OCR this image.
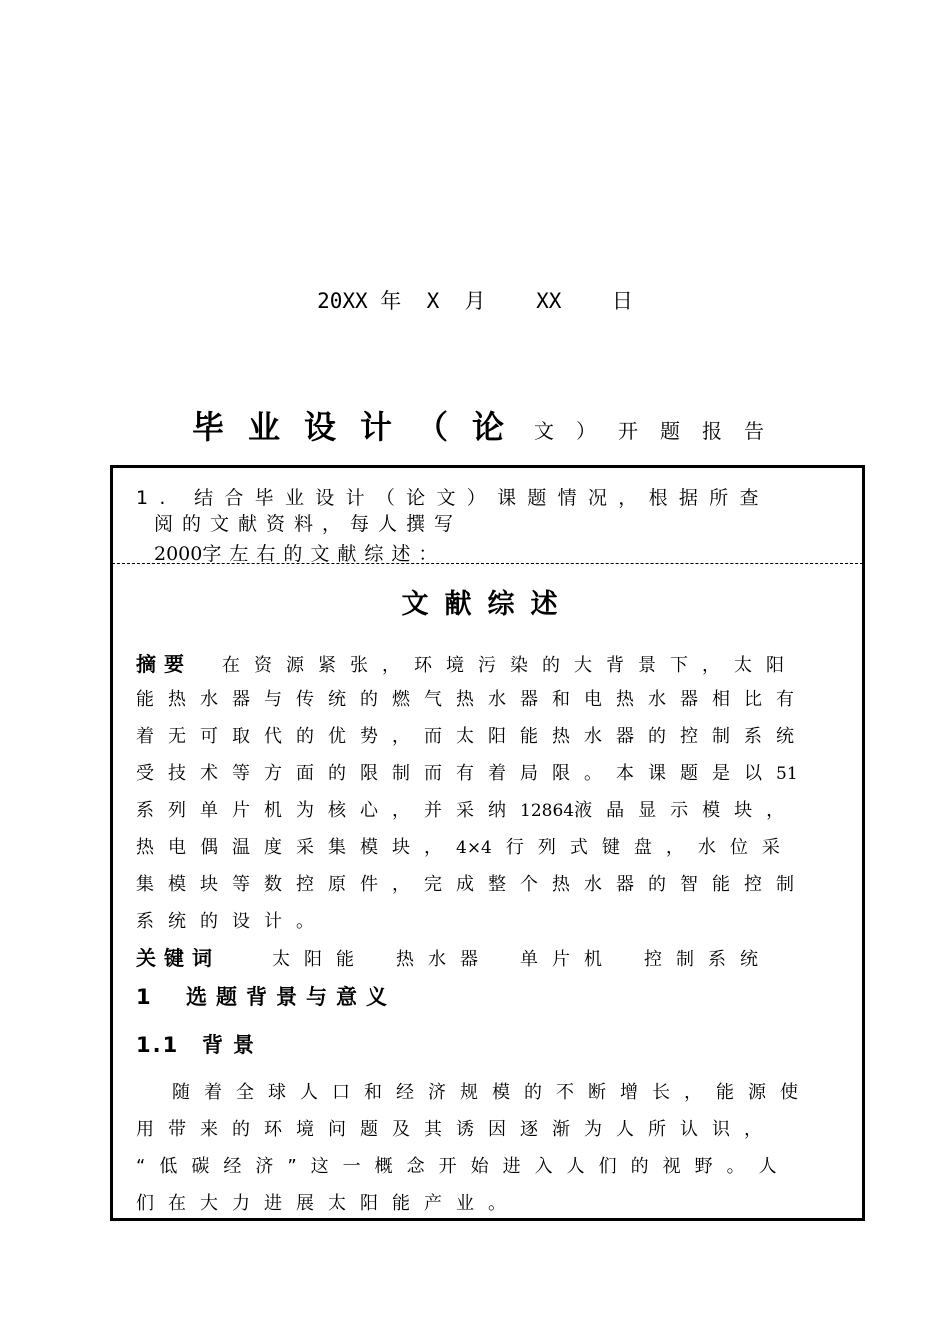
20XX 年  X  月    XX    日
毕业设计（论 文）开题报告
1. 结合毕业设计（论文）课题情况，根据所查
阅的文献资料，每人撰写
2000字左右的文献综述：
文献综述
摘要 在资源紧张，环境污染的大背景下，太阳
能热水器与传统的燃气热水器和电热水器相比有
着无可取代的优势，而太阳能热水器的控制系统
受技术等方面的限制而有着局限。本课题是以51
系列单片机为核心，并采纳12864液晶显示模块，
热电偶温度采集模块，4×4 行列式键盘，水位采
集模块等数控原件，完成整个热水器的智能控制
系统的设计。
关键词	太阳能 热水器 单片机 控制系统
1 选题背景与意义
1.1 背景
随着全球人口和经济规模的不断增长，能源使
用带来的环境问题及其诱因逐渐为人所认识，
“低碳经济”这一概念开始进入人们的视野。人
们在大力进展太阳能产业。
